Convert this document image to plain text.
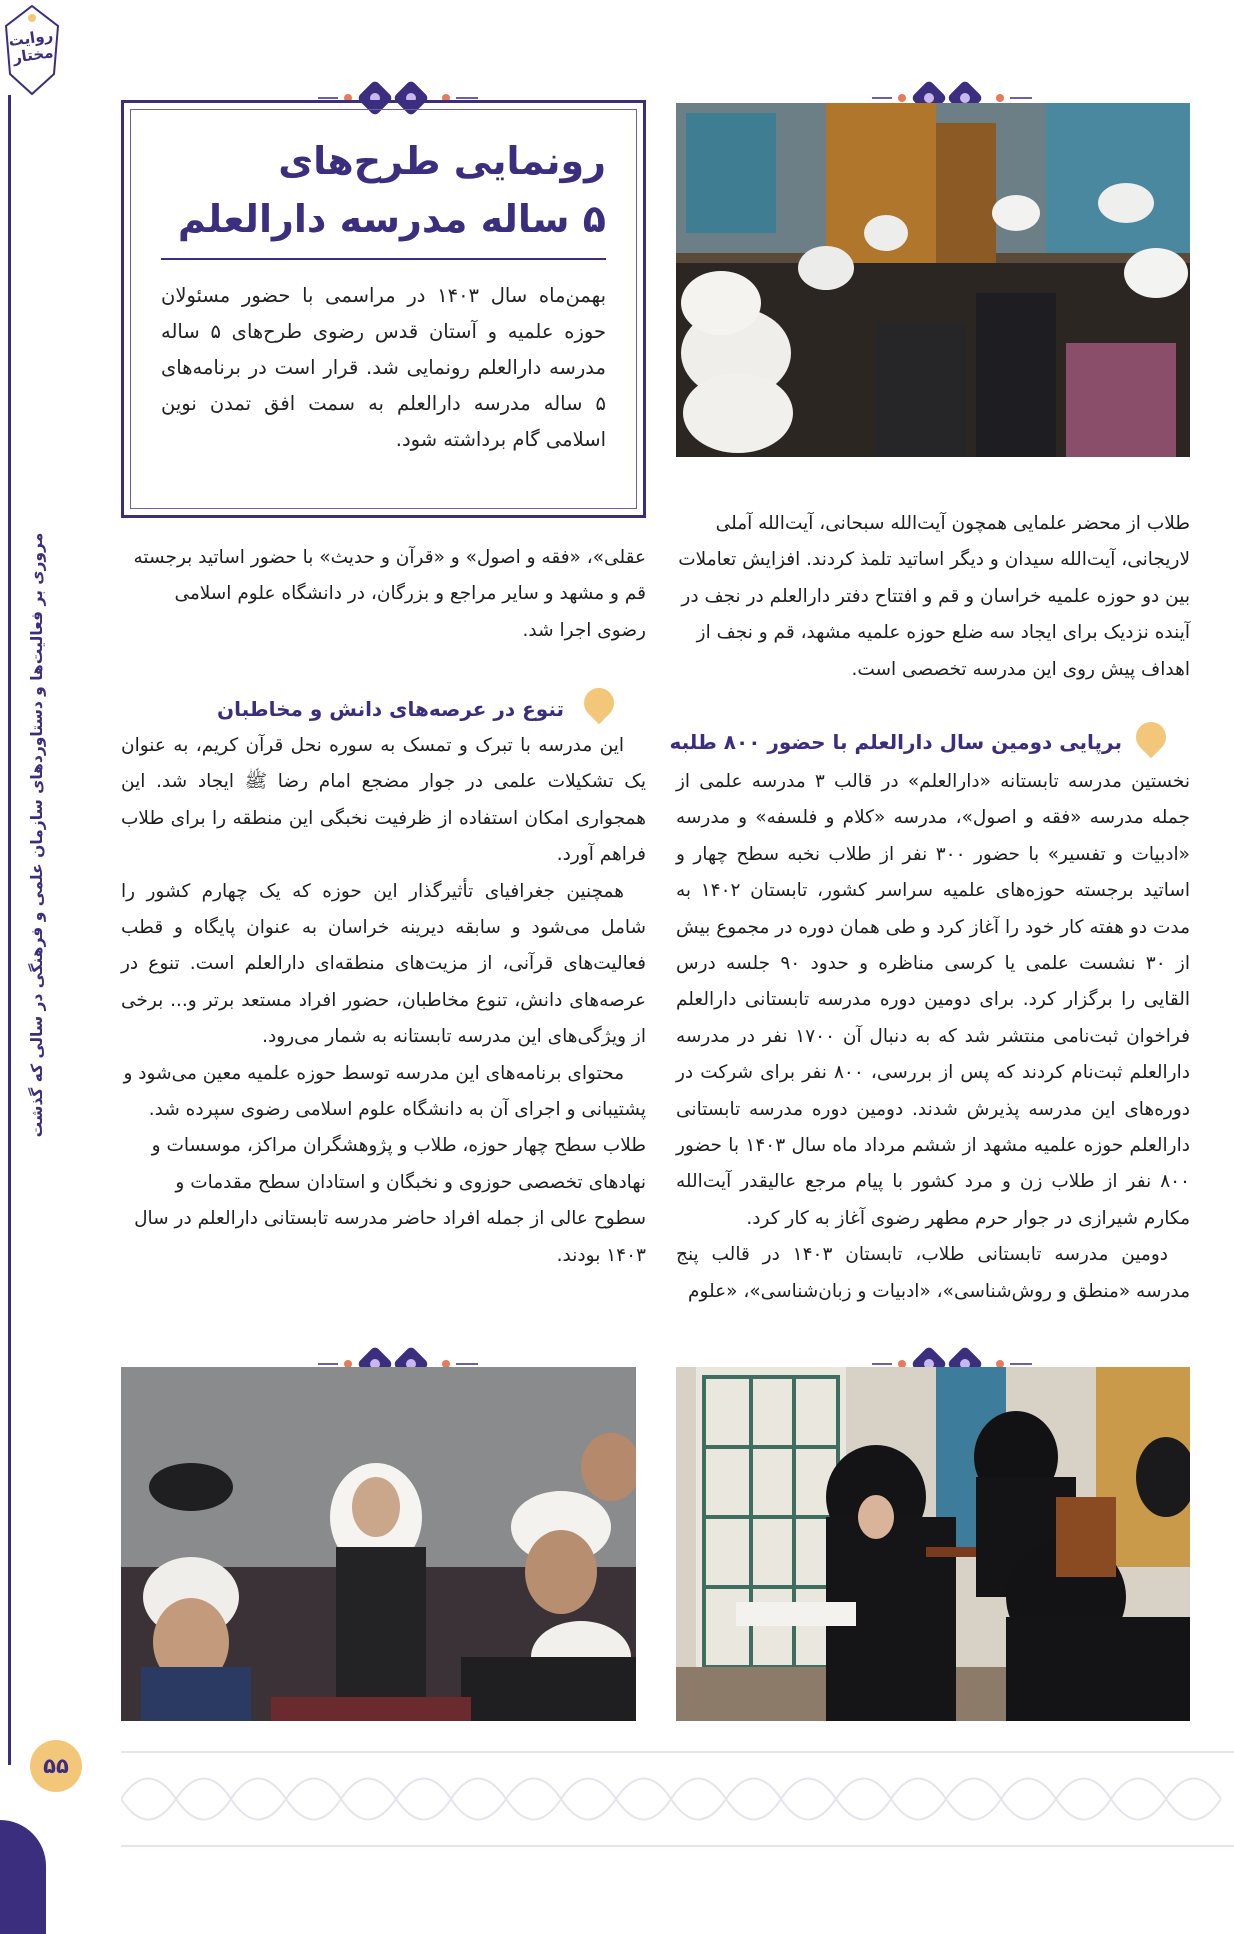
روایت مختار
مروری بر فعالیت‌ها و دستاوردهای سازمان علمی و فرهنگی در سالی که گذشت
۵۵
رونمایی طرح‌های
۵ ساله مدرسه دارالعلم
بهمن‌ماه سال ۱۴۰۳ در مراسمی با حضور مسئولان حوزه علمیه و آستان قدس رضوی طرح‌های ۵ ساله مدرسه دارالعلم رونمایی شد. قرار است در برنامه‌های ۵ ساله مدرسه دارالعلم به سمت افق تمدن نوین اسلامی گام برداشته شود.

طلاب از محضر علمایی همچون آیت‌الله سبحانی، آیت‌الله آملی لاریجانی، آیت‌الله سیدان و دیگر اساتید تلمذ کردند. افزایش تعاملات بین دو حوزه علمیه خراسان و قم و افتتاح دفتر دارالعلم در نجف در آینده نزدیک برای ایجاد سه ضلع حوزه علمیه مشهد، قم و نجف از اهداف پیش روی این مدرسه تخصصی است.

برپایی دومین سال دارالعلم با حضور ۸۰۰ طلبه

نخستین مدرسه تابستانه «دارالعلم» در قالب ۳ مدرسه علمی از جمله مدرسه «فقه و اصول»، مدرسه «کلام و فلسفه» و مدرسه «ادبیات و تفسیر» با حضور ۳۰۰ نفر از طلاب نخبه سطح چهار و اساتید برجسته حوزه‌های علمیه سراسر کشور، تابستان ۱۴۰۲ به مدت دو هفته کار خود را آغاز کرد و طی همان دوره در مجموع بیش از ۳۰ نشست علمی یا کرسی مناظره و حدود ۹۰ جلسه درس القایی را برگزار کرد. برای دومین دوره مدرسه تابستانی دارالعلم فراخوان ثبت‌نامی منتشر شد که به دنبال آن ۱۷۰۰ نفر در مدرسه دارالعلم ثبت‌نام کردند که پس از بررسی، ۸۰۰ نفر برای شرکت در دوره‌های این مدرسه پذیرش شدند. دومین دوره مدرسه تابستانی دارالعلم حوزه علمیه مشهد از ششم مرداد ماه سال ۱۴۰۳ با حضور ۸۰۰ نفر از طلاب زن و مرد کشور با پیام مرجع عالیقدر آیت‌الله مکارم شیرازی در جوار حرم مطهر رضوی آغاز به کار کرد.

دومین مدرسه تابستانی طلاب، تابستان ۱۴۰۳ در قالب پنج مدرسه «منطق و روش‌شناسی»، «ادبیات و زبان‌شناسی»، «علوم

عقلی»، «فقه و اصول» و «قرآن و حدیث» با حضور اساتید برجسته قم و مشهد و سایر مراجع و بزرگان، در دانشگاه علوم اسلامی رضوی اجرا شد.

تنوع در عرصه‌های دانش و مخاطبان

این مدرسه با تبرک و تمسک به سوره نحل قرآن کریم، به عنوان یک تشکیلات علمی در جوار مضجع امام رضا ﷺ ایجاد شد. این همجواری امکان استفاده از ظرفیت نخبگی این منطقه را برای طلاب فراهم آورد.

همچنین جغرافیای تأثیرگذار این حوزه که یک چهارم کشور را شامل می‌شود و سابقه دیرینه خراسان به عنوان پایگاه و قطب فعالیت‌های قرآنی، از مزیت‌های منطقه‌ای دارالعلم است. تنوع در عرصه‌های دانش، تنوع مخاطبان، حضور افراد مستعد برتر و... برخی از ویژگی‌های این مدرسه تابستانه به شمار می‌رود.

محتوای برنامه‌های این مدرسه توسط حوزه علمیه معین می‌شود و پشتیبانی و اجرای آن به دانشگاه علوم اسلامی رضوی سپرده شد. طلاب سطح چهار حوزه، طلاب و پژوهشگران مراکز، موسسات و نهادهای تخصصی حوزوی و نخبگان و استادان سطح مقدمات و سطوح عالی از جمله افراد حاضر مدرسه تابستانی دارالعلم در سال ۱۴۰۳ بودند.
